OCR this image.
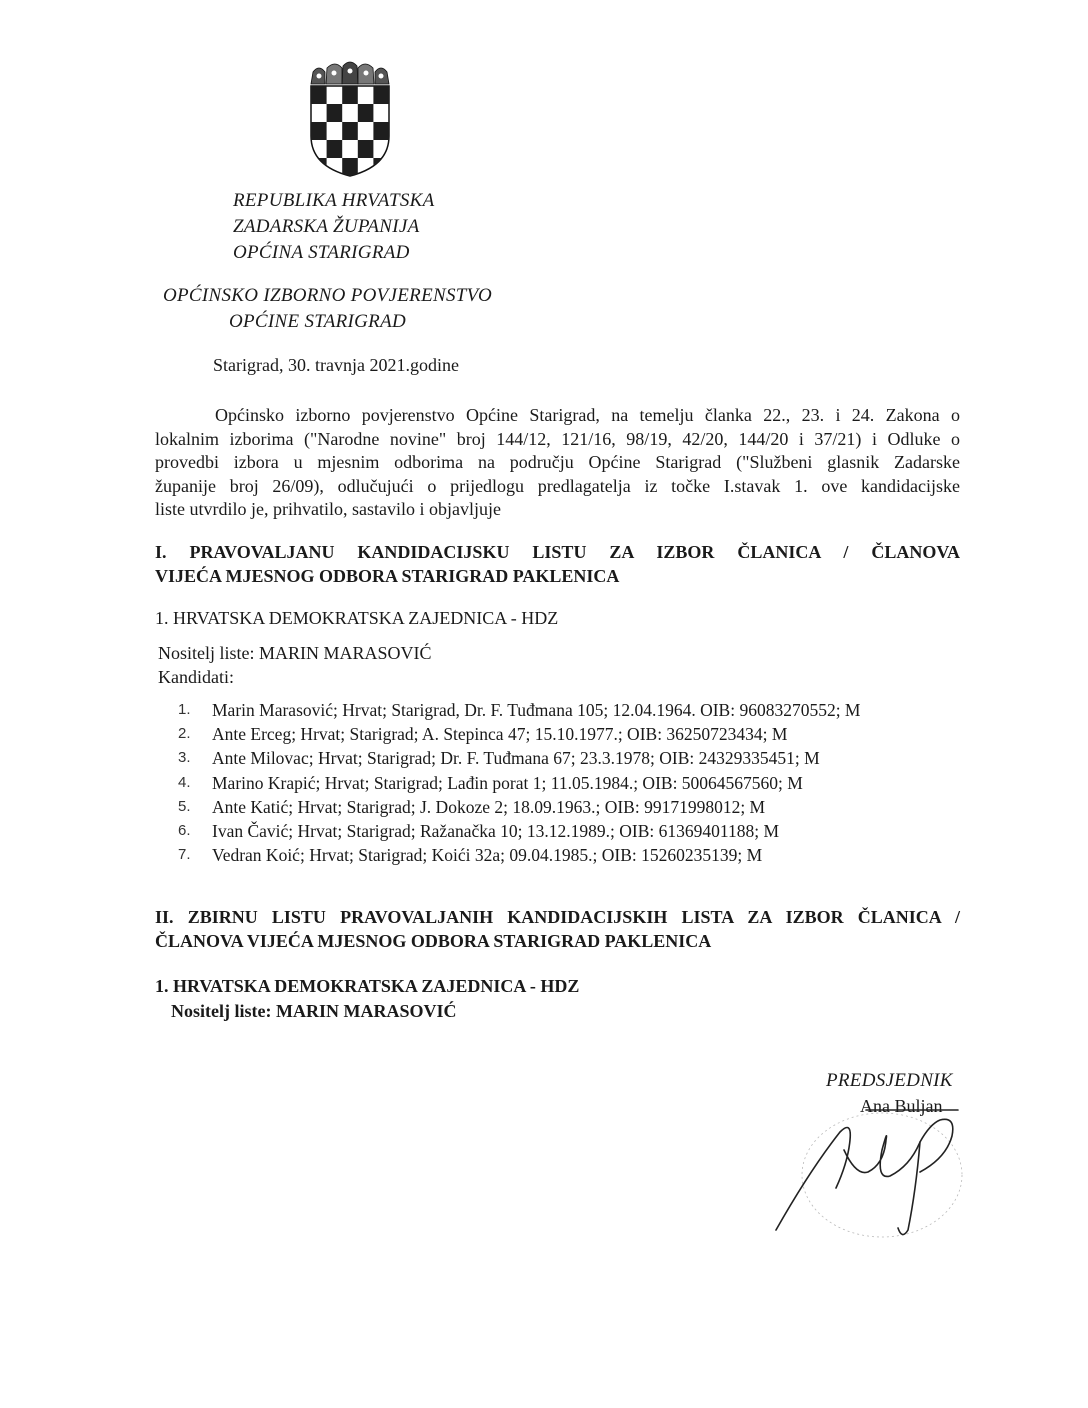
REPUBLIKA HRVATSKA
ZADARSKA ŽUPANIJA
OPĆINA STARIGRAD
OPĆINSKO IZBORNO POVJERENSTVO
OPĆINE STARIGRAD
Starigrad, 30. travnja 2021.godine
Općinsko izborno povjerenstvo Općine Starigrad, na temelju članka 22., 23. i 24. Zakona o
lokalnim izborima ("Narodne novine" broj 144/12, 121/16, 98/19, 42/20, 144/20 i 37/21) i Odluke o
provedbi izbora u mjesnim odborima na području Općine Starigrad ("Službeni glasnik Zadarske
županije broj 26/09), odlučujući o prijedlogu predlagatelja iz točke I.stavak 1. ove kandidacijske
liste utvrdilo je, prihvatilo, sastavilo i objavljuje
I. PRAVOVALJANU KANDIDACIJSKU LISTU ZA IZBOR ČLANICA / ČLANOVA
VIJEĆA MJESNOG ODBORA STARIGRAD PAKLENICA
1. HRVATSKA DEMOKRATSKA ZAJEDNICA - HDZ
Nositelj liste: MARIN MARASOVIĆ
Kandidati:
1.	Marin Marasović; Hrvat; Starigrad, Dr. F. Tuđmana 105; 12.04.1964. OIB: 96083270552; M
2.	Ante Erceg; Hrvat; Starigrad; A. Stepinca 47; 15.10.1977.; OIB: 36250723434; M
3.	Ante Milovac; Hrvat; Starigrad; Dr. F. Tuđmana 67; 23.3.1978; OIB: 24329335451; M
4.	Marino Krapić; Hrvat; Starigrad; Lađin porat 1; 11.05.1984.; OIB: 50064567560; M
5.	Ante Katić; Hrvat; Starigrad; J. Dokoze 2; 18.09.1963.; OIB: 99171998012; M
6.	Ivan Čavić; Hrvat; Starigrad; Ražanačka 10; 13.12.1989.; OIB: 61369401188; M
7.	Vedran Koić; Hrvat; Starigrad; Koići 32a; 09.04.1985.; OIB: 15260235139; M
II. ZBIRNU LISTU PRAVOVALJANIH KANDIDACIJSKIH LISTA ZA IZBOR ČLANICA /
ČLANOVA VIJEĆA MJESNOG ODBORA STARIGRAD PAKLENICA
1. HRVATSKA DEMOKRATSKA ZAJEDNICA - HDZ
Nositelj liste: MARIN MARASOVIĆ
PREDSJEDNIK
Ana Buljan
